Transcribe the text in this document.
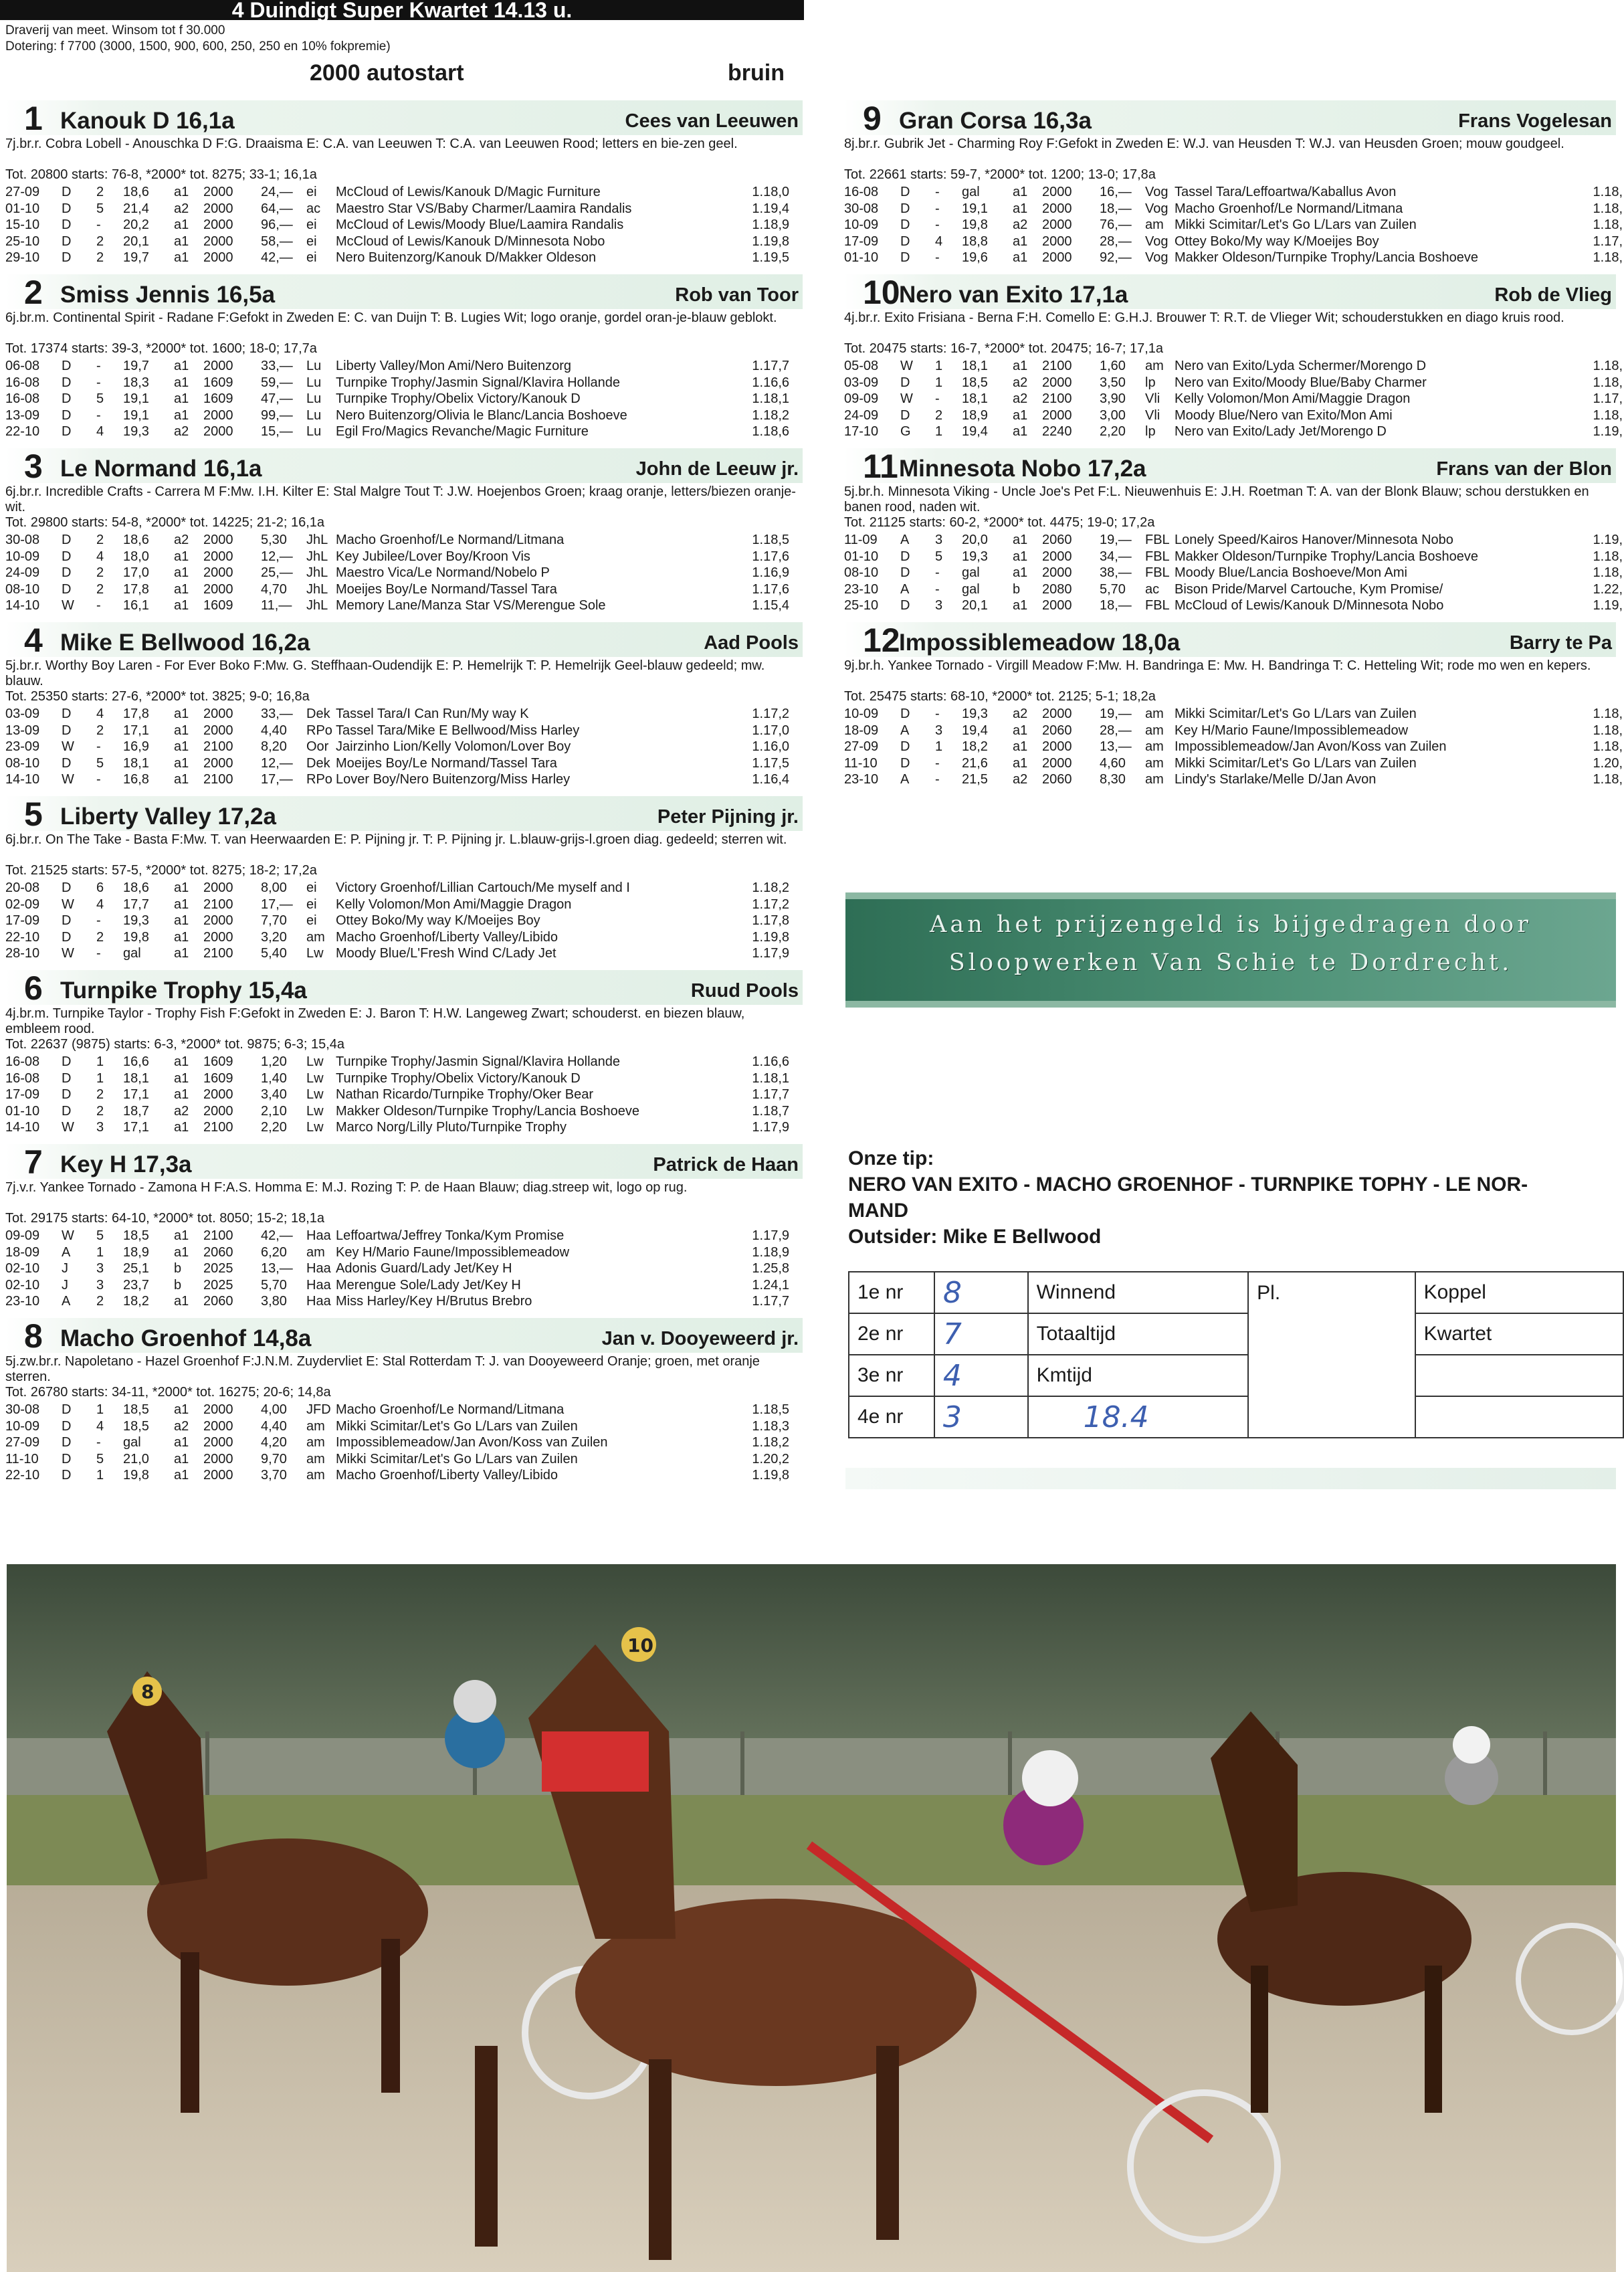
4 Duindigt Super Kwartet 14.13 u.

Draverij van meet. Winsom tot f 30.000

Dotering: f 7700 (3000, 1500, 900, 600, 250, 250 en 10% fokpremie)

2000 autostart	bruin
1 Kanouk D 16,1a	Cees van Leeuwen

7j.br.r. Cobra Lobell - Anouschka D F:G. Draaisma E: C.A. van Leeuwen T: C.A. van Leeuwen Rood; letters en bie-zen geel.

Tot. 20800 starts: 76-8, *2000* tot. 8275; 33-1; 16,1a

27-09 D 2 18,6 a1 2000 24,— ei McCloud of Lewis/Kanouk D/Magic Furniture	1.18,0
01-10 D 5 21,4 a2 2000 64,— ac Maestro Star VS/Baby Charmer/Laamira Randalis	1.19,4
15-10 D - 20,2 a1 2000 96,— ei McCloud of Lewis/Moody Blue/Laamira Randalis	1.18,9
25-10 D 2 20,1 a1 2000 58,— ei McCloud of Lewis/Kanouk D/Minnesota Nobo	1.19,8
29-10 D 2 19,7 a1 2000 42,— ei Nero Buitenzorg/Kanouk D/Makker Oldeson	1.19,5
2 Smiss Jennis 16,5a	Rob van Toor

6j.br.m. Continental Spirit - Radane F:Gefokt in Zweden E: C. van Duijn T: B. Lugies Wit; logo oranje, gordel oran-je-blauw geblokt.

Tot. 17374 starts: 39-3, *2000* tot. 1600; 18-0; 17,7a

06-08 D - 19,7 a1 2000 33,— Lu Liberty Valley/Mon Ami/Nero Buitenzorg	1.17,7
16-08 D - 18,3 a1 1609 59,— Lu Turnpike Trophy/Jasmin Signal/Klavira Hollande	1.16,6
16-08 D 5 19,1 a1 1609 47,— Lu Turnpike Trophy/Obelix Victory/Kanouk D	1.18,1
13-09 D - 19,1 a1 2000 99,— Lu Nero Buitenzorg/Olivia le Blanc/Lancia Boshoeve	1.18,2
22-10 D 4 19,3 a2 2000 15,— Lu Egil Fro/Magics Revanche/Magic Furniture	1.18,6
3 Le Normand 16,1a	John de Leeuw jr.

6j.br.r. Incredible Crafts - Carrera M F:Mw. I.H. Kilter E: Stal Malgre Tout T: J.W. Hoejenbos Groen; kraag oranje, letters/biezen oranje-wit.

Tot. 29800 starts: 54-8, *2000* tot. 14225; 21-2; 16,1a

30-08 D 2 18,6 a2 2000 5,30 JhL Macho Groenhof/Le Normand/Litmana	1.18,5
10-09 D 4 18,0 a1 2000 12,— JhL Key Jubilee/Lover Boy/Kroon Vis	1.17,6
24-09 D 2 17,0 a1 2000 25,— JhL Maestro Vica/Le Normand/Nobelo P	1.16,9
08-10 D 2 17,8 a1 2000 4,70 JhL Moeijes Boy/Le Normand/Tassel Tara	1.17,6
14-10 W - 16,1 a1 1609 11,— JhL Memory Lane/Manza Star VS/Merengue Sole	1.15,4
4 Mike E Bellwood 16,2a	Aad Pools

5j.br.r. Worthy Boy Laren - For Ever Boko F:Mw. G. Steffhaan-Oudendijk E: P. Hemelrijk T: P. Hemelrijk Geel-blauw gedeeld; mw. blauw.

Tot. 25350 starts: 27-6, *2000* tot. 3825; 9-0; 16,8a

03-09 D 4 17,8 a1 2000 33,— Dek Tassel Tara/I Can Run/My way K	1.17,2
13-09 D 2 17,1 a1 2000 4,40 RPo Tassel Tara/Mike E Bellwood/Miss Harley	1.17,0
23-09 W - 16,9 a1 2100 8,20 Oor Jairzinho Lion/Kelly Volomon/Lover Boy	1.16,0
08-10 D 5 18,1 a1 2000 12,— Dek Moeijes Boy/Le Normand/Tassel Tara	1.17,5
14-10 W - 16,8 a1 2100 17,— RPo Lover Boy/Nero Buitenzorg/Miss Harley	1.16,4
5 Liberty Valley 17,2a	Peter Pijning jr.

6j.br.r. On The Take - Basta F:Mw. T. van Heerwaarden E: P. Pijning jr. T: P. Pijning jr. L.blauw-grijs-l.groen diag. gedeeld; sterren wit.

Tot. 21525 starts: 57-5, *2000* tot. 8275; 18-2; 17,2a

20-08 D 6 18,6 a1 2000 8,00 ei Victory Groenhof/Lillian Cartouch/Me myself and I	1.18,2
02-09 W 4 17,7 a1 2100 17,— ei Kelly Volomon/Mon Ami/Maggie Dragon	1.17,2
17-09 D - 19,3 a1 2000 7,70 ei Ottey Boko/My way K/Moeijes Boy	1.17,8
22-10 D 2 19,8 a1 2000 3,20 am Macho Groenhof/Liberty Valley/Libido	1.19,8
28-10 W - gal a1 2100 5,40 Lw Moody Blue/L'Fresh Wind C/Lady Jet	1.17,9
6 Turnpike Trophy 15,4a	Ruud Pools

4j.br.m. Turnpike Taylor - Trophy Fish F:Gefokt in Zweden E: J. Baron T: H.W. Langeweg Zwart; schouderst. en biezen blauw, embleem rood.

Tot. 22637 (9875) starts: 6-3, *2000* tot. 9875; 6-3; 15,4a

16-08 D 1 16,6 a1 1609 1,20 Lw Turnpike Trophy/Jasmin Signal/Klavira Hollande	1.16,6
16-08 D 1 18,1 a1 1609 1,40 Lw Turnpike Trophy/Obelix Victory/Kanouk D	1.18,1
17-09 D 2 17,1 a1 2000 3,40 Lw Nathan Ricardo/Turnpike Trophy/Oker Bear	1.17,7
01-10 D 2 18,7 a2 2000 2,10 Lw Makker Oldeson/Turnpike Trophy/Lancia Boshoeve	1.18,7
14-10 W 3 17,1 a1 2100 2,20 Lw Marco Norg/Lilly Pluto/Turnpike Trophy	1.17,9
7 Key H 17,3a	Patrick de Haan

7j.v.r. Yankee Tornado - Zamona H F:A.S. Homma E: M.J. Rozing T: P. de Haan Blauw; diag.streep wit, logo op rug.

Tot. 29175 starts: 64-10, *2000* tot. 8050; 15-2; 18,1a

09-09 W 5 18,5 a1 2100 42,— Haa Leffoartwa/Jeffrey Tonka/Kym Promise	1.17,9
18-09 A 1 18,9 a1 2060 6,20 am Key H/Mario Faune/Impossiblemeadow	1.18,9
02-10 J 3 25,1 b 2025 13,— Haa Adonis Guard/Lady Jet/Key H	1.25,8
02-10 J 3 23,7 b 2025 5,70 Haa Merengue Sole/Lady Jet/Key H	1.24,1
23-10 A 2 18,2 a1 2060 3,80 Haa Miss Harley/Key H/Brutus Brebro	1.17,7
8 Macho Groenhof 14,8a	Jan v. Dooyeweerd jr.

5j.zw.br.r. Napoletano - Hazel Groenhof F:J.N.M. Zuydervliet E: Stal Rotterdam T: J. van Dooyeweerd Oranje; groen, met oranje sterren.

Tot. 26780 starts: 34-11, *2000* tot. 16275; 20-6; 14,8a

30-08 D 1 18,5 a1 2000 4,00 JFD Macho Groenhof/Le Normand/Litmana	1.18,5
10-09 D 4 18,5 a2 2000 4,40 am Mikki Scimitar/Let's Go L/Lars van Zuilen	1.18,3
27-09 D - gal a1 2000 4,20 am Impossiblemeadow/Jan Avon/Koss van Zuilen	1.18,2
11-10 D 5 21,0 a1 2000 9,70 am Mikki Scimitar/Let's Go L/Lars van Zuilen	1.20,2
22-10 D 1 19,8 a1 2000 3,70 am Macho Groenhof/Liberty Valley/Libido	1.19,8
9 Gran Corsa 16,3a	Frans Vogelesan

8j.br.r. Gubrik Jet - Charming Roy F:Gefokt in Zweden E: W.J. van Heusden T: W.J. van Heusden Groen; mouw goudgeel.

Tot. 22661 starts: 59-7, *2000* tot. 1200; 13-0; 17,8a

16-08 D - gal a1 2000 16,— Vog Tassel Tara/Leffoartwa/Kaballus Avon	1.18,
30-08 D - 19,1 a1 2000 18,— Vog Macho Groenhof/Le Normand/Litmana	1.18,
10-09 D - 19,8 a2 2000 76,— am Mikki Scimitar/Let's Go L/Lars van Zuilen	1.18,
17-09 D 4 18,8 a1 2000 28,— Vog Ottey Boko/My way K/Moeijes Boy	1.17,
01-10 D - 19,6 a1 2000 92,— Vog Makker Oldeson/Turnpike Trophy/Lancia Boshoeve	1.18,
10
Nero van Exito 17,1a	Rob de Vlieg

4j.br.r. Exito Frisiana - Berna F:H. Comello E: G.H.J. Brouwer T: R.T. de Vlieger Wit; schouderstukken en diago kruis rood.

Tot. 20475 starts: 16-7, *2000* tot. 20475; 16-7; 17,1a

05-08 W 1 18,1 a1 2100 1,60 am Nero van Exito/Lyda Schermer/Morengo D	1.18,
03-09 D 1 18,5 a2 2000 3,50 lp Nero van Exito/Moody Blue/Baby Charmer	1.18,
09-09 W - 18,1 a2 2100 3,90 Vli Kelly Volomon/Mon Ami/Maggie Dragon	1.17,
24-09 D 2 18,9 a1 2000 3,00 Vli Moody Blue/Nero van Exito/Mon Ami	1.18,
17-10 G 1 19,4 a1 2240 2,20 lp Nero van Exito/Lady Jet/Morengo D	1.19,
11 Minnesota Nobo 17,2a	Frans van der Blon

5j.br.h. Minnesota Viking - Uncle Joe's Pet F:L. Nieuwenhuis E: J.H. Roetman T: A. van der Blonk Blauw; schou derstukken en banen rood, naden wit.

Tot. 21125 starts: 60-2, *2000* tot. 4475; 19-0; 17,2a

11-09 A 3 20,0 a1 2060 19,— FBL Lonely Speed/Kairos Hanover/Minnesota Nobo	1.19,
01-10 D 5 19,3 a1 2000 34,— FBL Makker Oldeson/Turnpike Trophy/Lancia Boshoeve	1.18,
08-10 D - gal a1 2000 38,— FBL Moody Blue/Lancia Boshoeve/Mon Ami	1.18,
23-10 A - gal b 2080 5,70 ac Bison Pride/Marvel Cartouche, Kym Promise/	1.22,
25-10 D 3 20,1 a1 2000 18,— FBL McCloud of Lewis/Kanouk D/Minnesota Nobo	1.19,
12
Impossiblemeadow 18,0a	Barry te Pa

9j.br.h. Yankee Tornado - Virgill Meadow F:Mw. H. Bandringa E: Mw. H. Bandringa T: C. Hetteling Wit; rode mo wen en kepers.

Tot. 25475 starts: 68-10, *2000* tot. 2125; 5-1; 18,2a

10-09 D - 19,3 a2 2000 19,— am Mikki Scimitar/Let's Go L/Lars van Zuilen	1.18,
18-09 A 3 19,4 a1 2060 28,— am Key H/Mario Faune/Impossiblemeadow	1.18,
27-09 D 1 18,2 a1 2000 13,— am Impossiblemeadow/Jan Avon/Koss van Zuilen	1.18,
11-10 D - 21,6 a1 2000 4,60 am Mikki Scimitar/Let's Go L/Lars van Zuilen	1.20,
23-10 A - 21,5 a2 2060 8,30 am Lindy's Starlake/Melle D/Jan Avon	1.18,

Aan het prijzengeld is bijgedragen door

Sloopwerken Van Schie te Dordrecht.

Onze tip:

NERO VAN EXITO - MACHO GROENHOF - TURNPIKE TOPHY - LE NOR-

MAND

Outsider: Mike E Bellwood

1e nr	8	Winnend	Pl.	Koppel
2e nr	7	Totaaltijd		Kwartet
3e nr	4	Kmtijd		
4e nr	3	18.4		
8
10
